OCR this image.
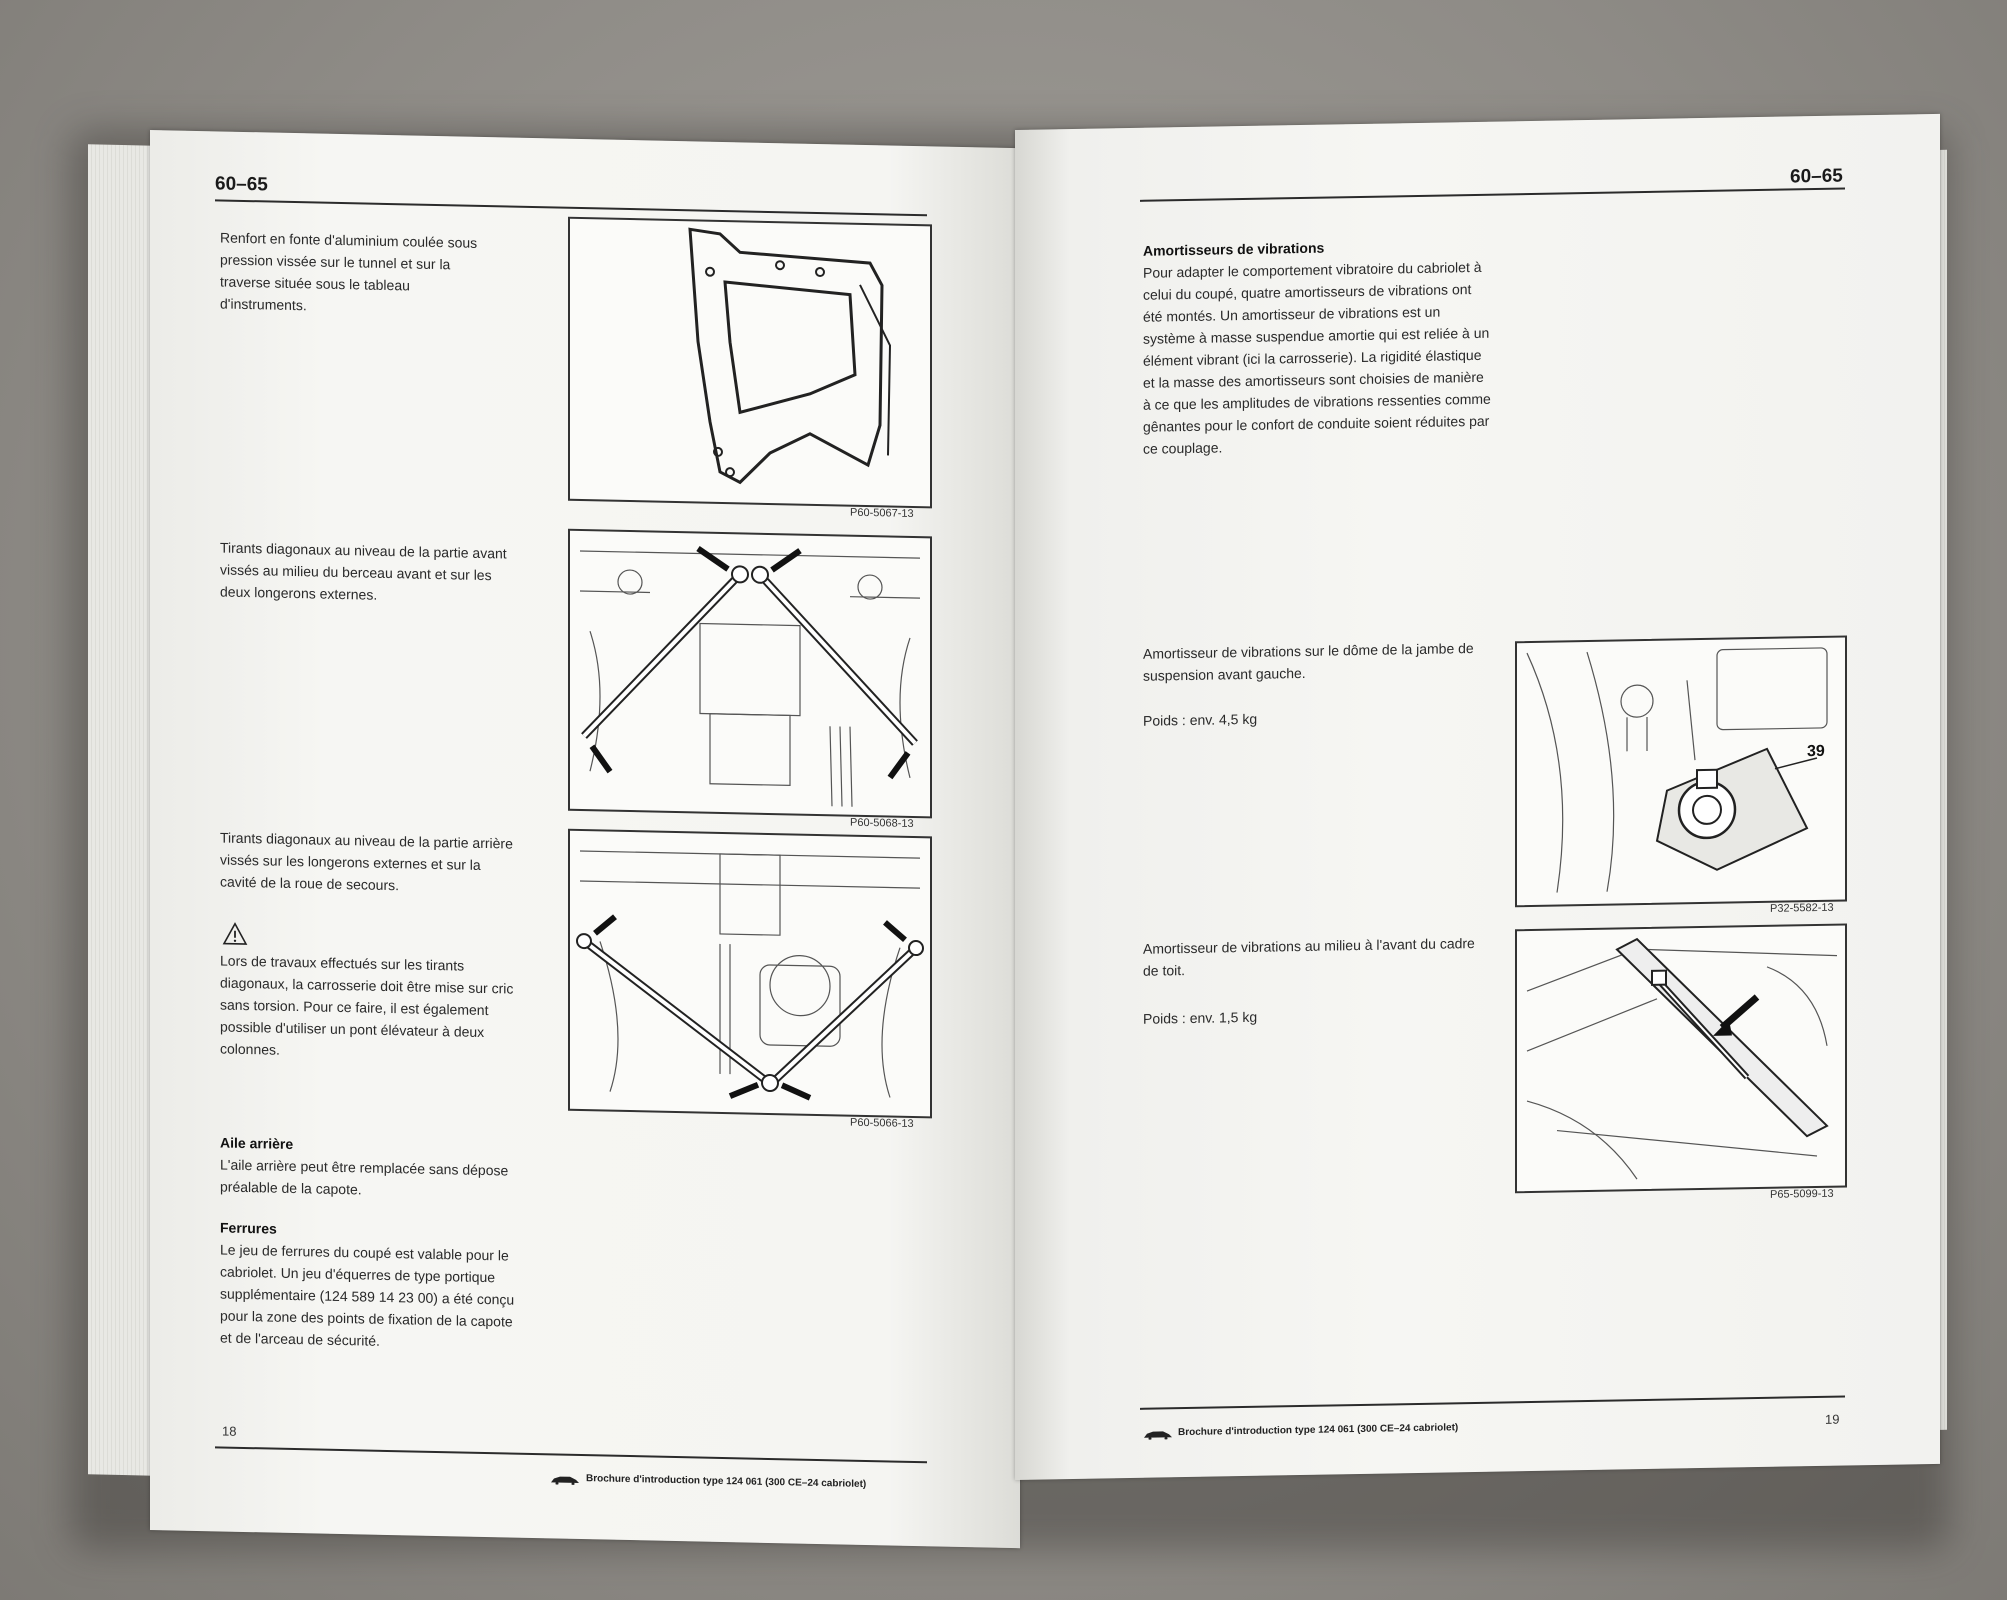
60–65
Renfort en fonte d'aluminium coulée sous pression vissée sur le tunnel et sur la traverse située sous le tableau d'instruments.
P60-5067-13
Tirants diagonaux au niveau de la partie avant vissés au milieu du berceau avant et sur les deux longerons externes.
P60-5068-13
Tirants diagonaux au niveau de la partie arrière vissés sur les longerons externes et sur la cavité de la roue de secours.
Lors de travaux effectués sur les tirants diagonaux, la carrosserie doit être mise sur cric sans torsion. Pour ce faire, il est également possible d'utiliser un pont élévateur à deux colonnes.
P60-5066-13
Aile arrière
L'aile arrière peut être remplacée sans dépose préalable de la capote.
Ferrures
Le jeu de ferrures du coupé est valable pour le cabriolet. Un jeu d'équerres de type portique supplémentaire (124 589 14 23 00) a été conçu pour la zone des points de fixation de la capote et de l'arceau de sécurité.
18
Brochure d'introduction type 124 061 (300 CE–24 cabriolet)
60–65
Amortisseurs de vibrations
Pour adapter le comportement vibratoire du cabriolet à celui du coupé, quatre amortisseurs de vibrations ont été montés. Un amortisseur de vibrations est un système à masse suspendue amortie qui est reliée à un élément vibrant (ici la carrosserie). La rigidité élastique et la masse des amortisseurs sont choisies de manière à ce que les amplitudes de vibrations ressenties comme gênantes pour le confort de conduite soient réduites par ce couplage.
Amortisseur de vibrations sur le dôme de la jambe de suspension avant gauche.
Poids : env. 4,5 kg
39
P32-5582-13
Amortisseur de vibrations au milieu à l'avant du cadre de toit.
Poids : env. 1,5 kg
P65-5099-13
Brochure d'introduction type 124 061 (300 CE–24 cabriolet)
19
